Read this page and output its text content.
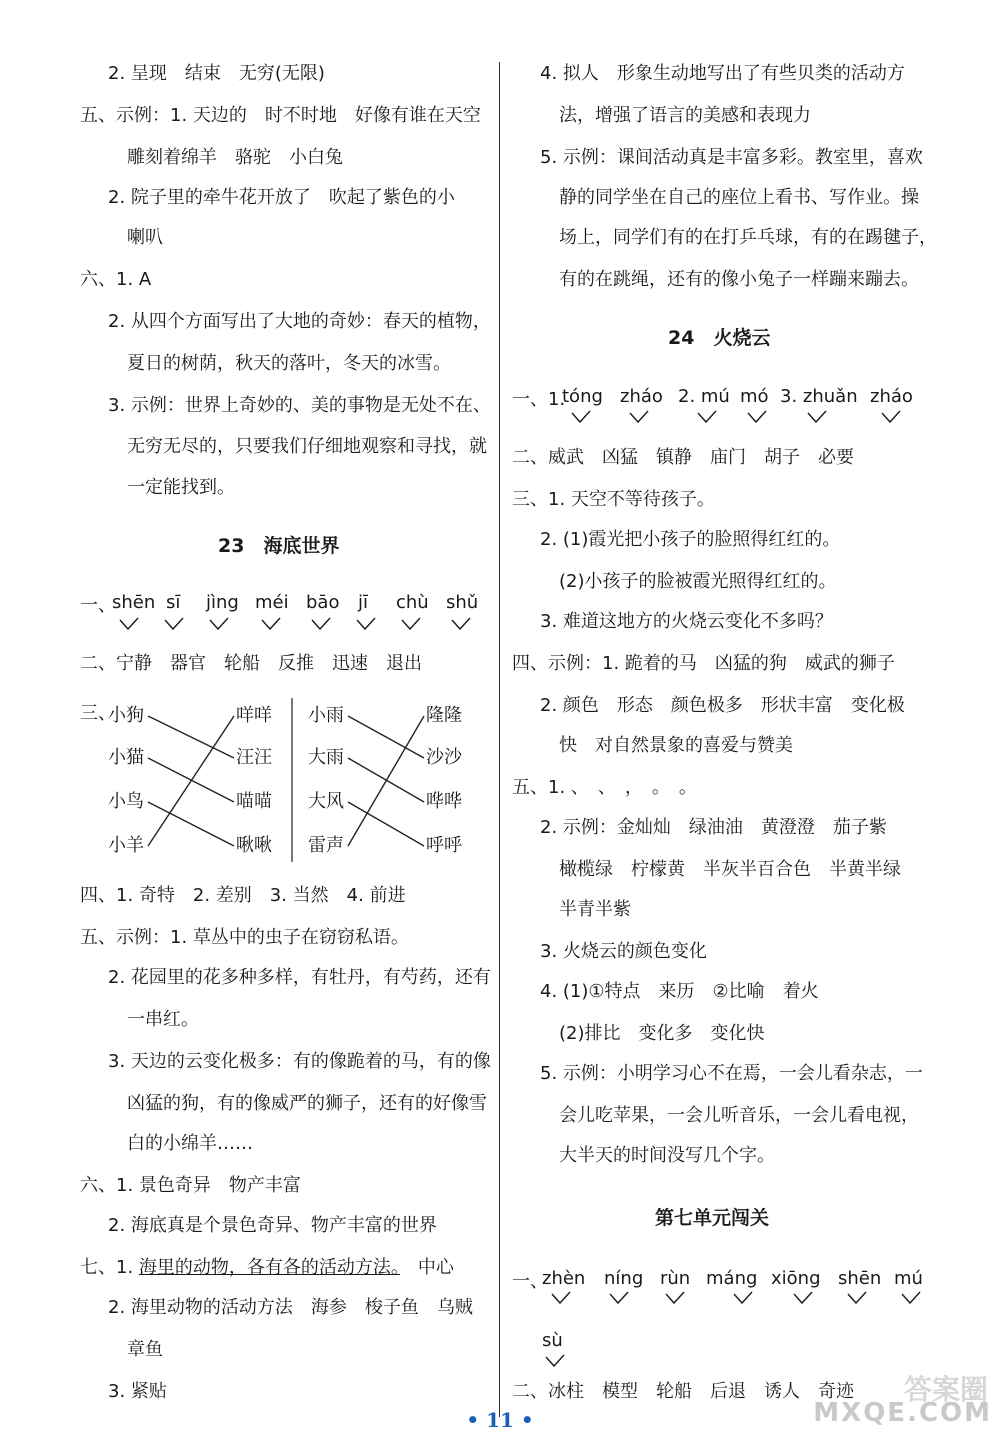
2. 呈现　结束　无穷(无限)
五、示例：1. 天边的　时不时地　好像有谁在天空
雕刻着绵羊　骆驼　小白兔
2. 院子里的牵牛花开放了　吹起了紫色的小
喇叭
六、1. A
2. 从四个方面写出了大地的奇妙：春天的植物，
夏日的树荫，秋天的落叶，冬天的冰雪。
3. 示例：世界上奇妙的、美的事物是无处不在、
无穷无尽的，只要我们仔细地观察和寻找，就
一定能找到。
23　海底世界
一、
shēn sī jìng méi bāo jī chù shǔ
二、宁静　器官　轮船　反推　迅速　退出
三、
小狗
小猫
小鸟
小羊
咩咩
汪汪
喵喵
啾啾
小雨
大雨
大风
雷声
隆隆
沙沙
哗哗
呼呼
四、1. 奇特　2. 差别　3. 当然　4. 前进
五、示例：1. 草丛中的虫子在窃窃私语。
2. 花园里的花多种多样，有牡丹，有芍药，还有
一串红。
3. 天边的云变化极多：有的像跪着的马，有的像
凶猛的狗，有的像威严的狮子，还有的好像雪
白的小绵羊……
六、1. 景色奇异　物产丰富
2. 海底真是个景色奇异、物产丰富的世界
七、1. 海里的动物，各有各的活动方法。　中心
2. 海里动物的活动方法　海参　梭子鱼　乌贼
章鱼
3. 紧贴
4. 拟人　形象生动地写出了有些贝类的活动方
法，增强了语言的美感和表现力
5. 示例：课间活动真是丰富多彩。教室里，喜欢
静的同学坐在自己的座位上看书、写作业。操
场上，同学们有的在打乒乓球，有的在踢毽子，
有的在跳绳，还有的像小兔子一样蹦来蹦去。
24　火烧云
一、1.
tóng zháo 2. mú mó 3. zhuǎn zháo
二、威武　凶猛　镇静　庙门　胡子　必要
三、1. 天空不等待孩子。
2. (1)霞光把小孩子的脸照得红红的。
(2)小孩子的脸被霞光照得红红的。
3. 难道这地方的火烧云变化不多吗？
四、示例：1. 跪着的马　凶猛的狗　威武的狮子
2. 颜色　形态　颜色极多　形状丰富　变化极
快　对自然景象的喜爱与赞美
五、1. 、　、　，　。　。
2. 示例：金灿灿　绿油油　黄澄澄　茄子紫
橄榄绿　柠檬黄　半灰半百合色　半黄半绿
半青半紫
3. 火烧云的颜色变化
4. (1)①特点　来历　②比喻　着火
(2)排比　变化多　变化快
5. 示例：小明学习心不在焉，一会儿看杂志，一
会儿吃苹果，一会儿听音乐，一会儿看电视，
大半天的时间没写几个字。
第七单元闯关
一、
zhèn níng rùn máng xiōng shēn mú
sù
二、冰柱　模型　轮船　后退　诱人　奇迹
• 11 •
答案圈
MXQE.COM
